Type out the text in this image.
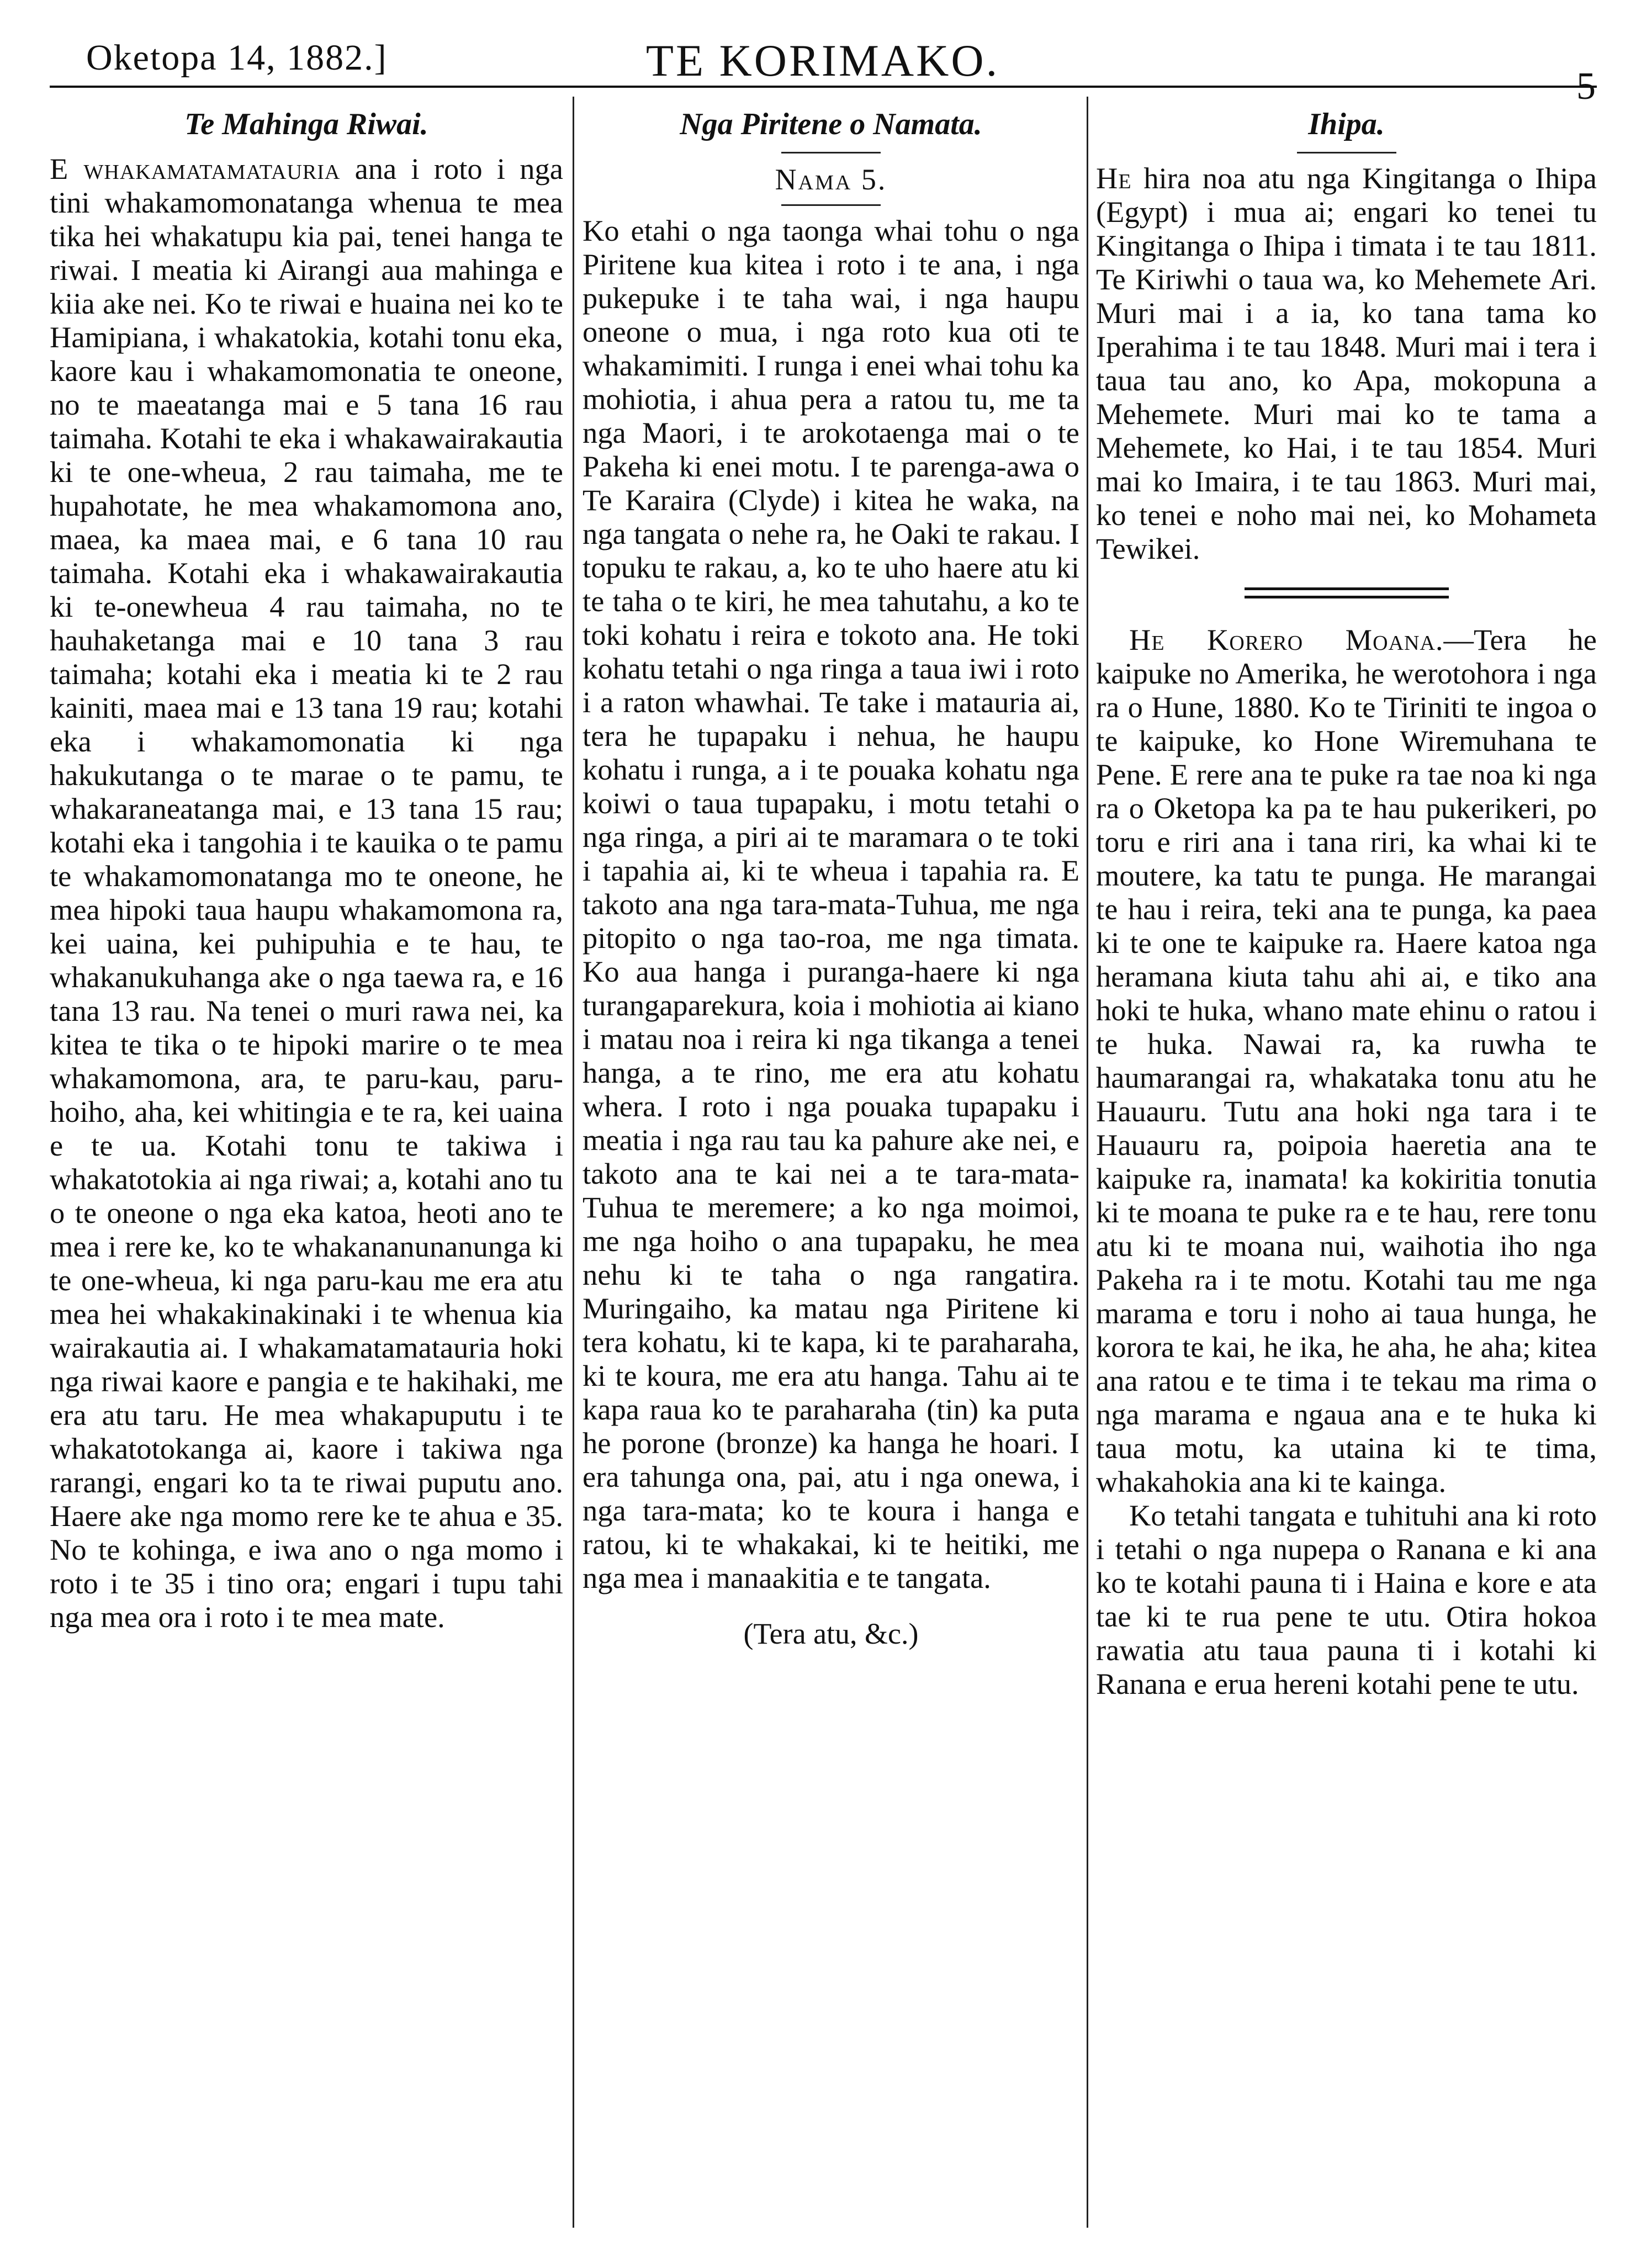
Oketopa 14, 1882.]	TE KORIMAKO.
5
Te Mahinga Riwai.

E whakamatamatauria ana i roto i nga tini whakamomonatanga whenua te mea tika hei whakatupu kia pai, tenei hanga te riwai. I meatia ki Airangi aua mahinga e kiia ake nei. Ko te riwai e huaina nei ko te Hamipiana, i whakatokia, kotahi tonu eka, kaore kau i whakamomonatia te oneone, no te maeatanga mai e 5 tana 16 rau taimaha. Kotahi te eka i whakawairakautia ki te one-wheua, 2 rau taimaha, me te hupahotate, he mea whakamomona ano, maea, ka maea mai, e 6 tana 10 rau taimaha. Kotahi eka i whakawairakautia ki te-onewheua 4 rau taimaha, no te hauhaketanga mai e 10 tana 3 rau taimaha; kotahi eka i meatia ki te 2 rau kainiti, maea mai e 13 tana 19 rau; kotahi eka i whakamomonatia ki nga hakukutanga o te marae o te pamu, te whakaraneatanga mai, e 13 tana 15 rau; kotahi eka i tangohia i te kauika o te pamu te whakamomonatanga mo te oneone, he mea hipoki taua haupu whakamomona ra, kei uaina, kei puhipuhia e te hau, te whakanukuhanga ake o nga taewa ra, e 16 tana 13 rau. Na tenei o muri rawa nei, ka kitea te tika o te hipoki marire o te mea whakamomona, ara, te paru-kau, paru-hoiho, aha, kei whitingia e te ra, kei uaina e te ua. Kotahi tonu te takiwa i whakatotokia ai nga riwai; a, kotahi ano tu o te oneone o nga eka katoa, heoti ano te mea i rere ke, ko te whakananunanunga ki te one-wheua, ki nga paru-kau me era atu mea hei whakakinakinaki i te whenua kia wairakautia ai. I whakamatamatauria hoki nga riwai kaore e pangia e te hakihaki, me era atu taru. He mea whakapuputu i te whakatotokanga ai, kaore i takiwa nga rarangi, engari ko ta te riwai puputu ano. Haere ake nga momo rere ke te ahua e 35. No te kohinga, e iwa ano o nga momo i roto i te 35 i tino ora; engari i tupu tahi nga mea ora i roto i te mea mate.

Nga Piritene o Namata.
Nama 5.

Ko etahi o nga taonga whai tohu o nga Piritene kua kitea i roto i te ana, i nga pukepuke i te taha wai, i nga haupu oneone o mua, i nga roto kua oti te whakamimiti. I runga i enei whai tohu ka mohiotia, i ahua pera a ratou tu, me ta nga Maori, i te arokotaenga mai o te Pakeha ki enei motu. I te parenga-awa o Te Karaira (Clyde) i kitea he waka, na nga tangata o nehe ra, he Oaki te rakau. I topuku te rakau, a, ko te uho haere atu ki te taha o te kiri, he mea tahutahu, a ko te toki kohatu i reira e tokoto ana. He toki kohatu tetahi o nga ringa a taua iwi i roto i a raton whawhai. Te take i matauria ai, tera he tupapaku i nehua, he haupu kohatu i runga, a i te pouaka kohatu nga koiwi o taua tupapaku, i motu tetahi o nga ringa, a piri ai te maramara o te toki i tapahia ai, ki te wheua i tapahia ra. E takoto ana nga tara-mata-Tuhua, me nga pitopito o nga tao-roa, me nga timata. Ko aua hanga i puranga-haere ki nga turangaparekura, koia i mohiotia ai kiano i matau noa i reira ki nga tikanga a tenei hanga, a te rino, me era atu kohatu whera. I roto i nga pouaka tupapaku i meatia i nga rau tau ka pahure ake nei, e takoto ana te kai nei a te tara-mata-Tuhua te meremere; a ko nga moimoi, me nga hoiho o ana tupapaku, he mea nehu ki te taha o nga rangatira. Muringaiho, ka matau nga Piritene ki tera kohatu, ki te kapa, ki te paraharaha, ki te koura, me era atu hanga. Tahu ai te kapa raua ko te paraharaha (tin) ka puta he porone (bronze) ka hanga he hoari. I era tahunga ona, pai, atu i nga onewa, i nga tara-mata; ko te koura i hanga e ratou, ki te whakakai, ki te heitiki, me nga mea i manaakitia e te tangata.

(Tera atu, &c.)
Ihipa.

He hira noa atu nga Kingitanga o Ihipa (Egypt) i mua ai; engari ko tenei tu Kingitanga o Ihipa i timata i te tau 1811. Te Kiriwhi o taua wa, ko Mehemete Ari. Muri mai i a ia, ko tana tama ko Iperahima i te tau 1848. Muri mai i tera i taua tau ano, ko Apa, mokopuna a Mehemete. Muri mai ko te tama a Mehemete, ko Hai, i te tau 1854. Muri mai ko Imaira, i te tau 1863. Muri mai, ko tenei e noho mai nei, ko Mohameta Tewikei.

He Korero Moana.—Tera he kaipuke no Amerika, he werotohora i nga ra o Hune, 1880. Ko te Tiriniti te ingoa o te kaipuke, ko Hone Wiremuhana te Pene. E rere ana te puke ra tae noa ki nga ra o Oketopa ka pa te hau pukerikeri, po toru e riri ana i tana riri, ka whai ki te moutere, ka tatu te punga. He marangai te hau i reira, teki ana te punga, ka paea ki te one te kaipuke ra. Haere katoa nga heramana kiuta tahu ahi ai, e tiko ana hoki te huka, whano mate ehinu o ratou i te huka. Nawai ra, ka ruwha te haumarangai ra, whakataka tonu atu he Hauauru. Tutu ana hoki nga tara i te Hauauru ra, poipoia haeretia ana te kaipuke ra, inamata! ka kokiritia tonutia ki te moana te puke ra e te hau, rere tonu atu ki te moana nui, waihotia iho nga Pakeha ra i te motu. Kotahi tau me nga marama e toru i noho ai taua hunga, he korora te kai, he ika, he aha, he aha; kitea ana ratou e te tima i te tekau ma rima o nga marama e ngaua ana e te huka ki taua motu, ka utaina ki te tima, whakahokia ana ki te kainga.

Ko tetahi tangata e tuhituhi ana ki roto i tetahi o nga nupepa o Ranana e ki ana ko te kotahi pauna ti i Haina e kore e ata tae ki te rua pene te utu. Otira hokoa rawatia atu taua pauna ti i kotahi ki Ranana e erua hereni kotahi pene te utu.
